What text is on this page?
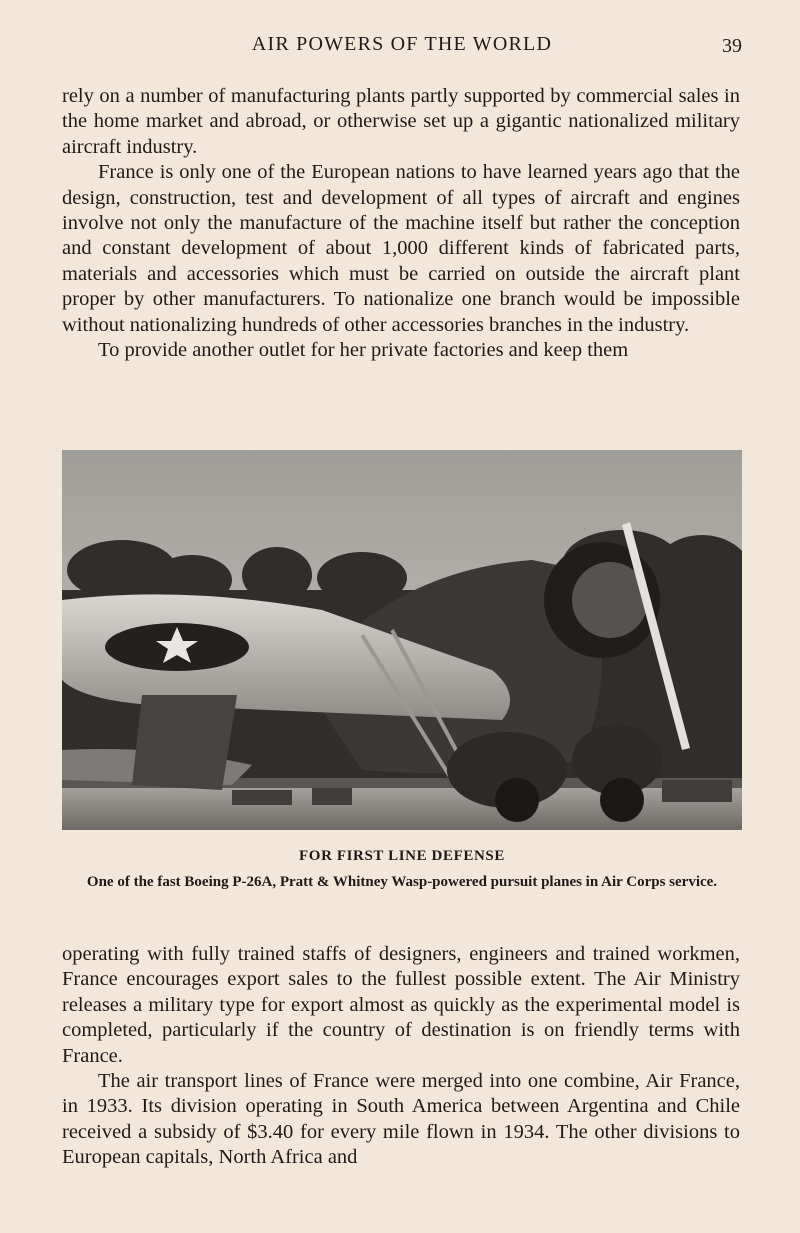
AIR POWERS OF THE WORLD	39

rely on a number of manufacturing plants partly supported by commercial sales in the home market and abroad, or otherwise set up a gigantic nationalized military aircraft industry.

France is only one of the European nations to have learned years ago that the design, construction, test and development of all types of aircraft and engines involve not only the manufacture of the machine itself but rather the conception and constant development of about 1,000 different kinds of fabricated parts, materials and accessories which must be carried on outside the aircraft plant proper by other manufacturers. To nationalize one branch would be impossible without nationalizing hundreds of other accessories branches in the industry.

To provide another outlet for her private factories and keep them

FOR FIRST LINE DEFENSE
One of the fast Boeing P-26A, Pratt & Whitney Wasp-powered pursuit planes in Air Corps service.

operating with fully trained staffs of designers, engineers and trained workmen, France encourages export sales to the fullest possible extent. The Air Ministry releases a military type for export almost as quickly as the experimental model is completed, particularly if the country of destination is on friendly terms with France.

The air transport lines of France were merged into one combine, Air France, in 1933. Its division operating in South America between Argentina and Chile received a subsidy of $3.40 for every mile flown in 1934. The other divisions to European capitals, North Africa and
